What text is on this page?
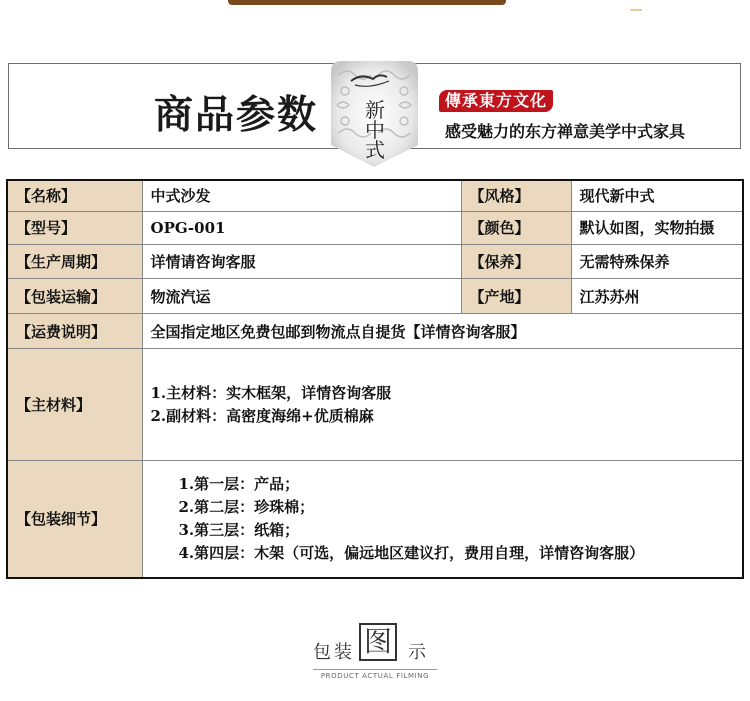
商品参数 新中式
傳承東方文化
感受魅力的东方禅意美学中式家具
【名称】	中式沙发	【风格】	现代新中式
【型号】	OPG-001	【颜色】	默认如图，实物拍摄
【生产周期】	详情请咨询客服	【保养】	无需特殊保养
【包装运输】	物流汽运	【产地】	江苏苏州
【运费说明】	全国指定地区免费包邮到物流点自提货【详情咨询客服】		
【主材料】	1.主材料：实木框架，详情咨询客服
2.副材料：高密度海绵+优质棉麻		

【包装细节】	1.第一层：产品；
2.第二层：珍珠棉；
3.第三层：纸箱；
4.第四层：木架（可选，偏远地区建议打，费用自理，详情咨询客服）		
包装 图 示
PRODUCT ACTUAL FILMING
